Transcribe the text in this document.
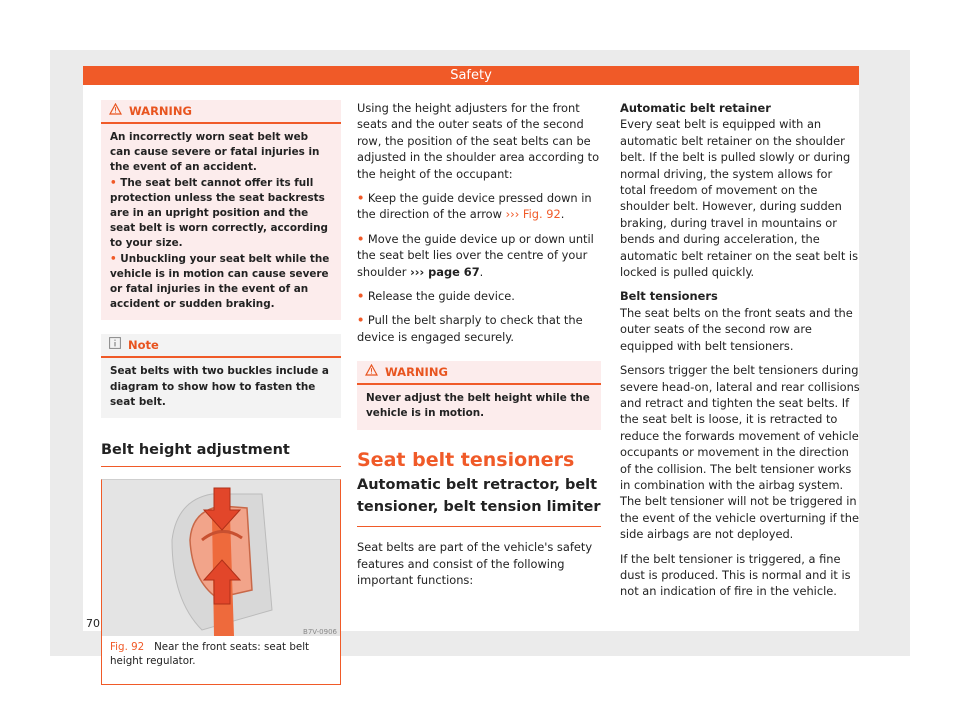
Safety
WARNING

An incorrectly worn seat belt web can cause severe or fatal injuries in the event of an accident.

• The seat belt cannot offer its full protection unless the seat backrests are in an upright position and the seat belt is worn correctly, according to your size.

• Unbuckling your seat belt while the vehicle is in motion can cause severe or fatal injuries in the event of an accident or sudden braking.

Note

Seat belts with two buckles include a diagram to show how to fasten the seat belt.

Belt height adjustment
B7V-0906
Fig. 92 Near the front seats: seat belt height regulator.

Using the height adjusters for the front seats and the outer seats of the second row, the position of the seat belts can be adjusted in the shoulder area according to the height of the occupant:

• Keep the guide device pressed down in the direction of the arrow ››› Fig. 92.

• Move the guide device up or down until the seat belt lies over the centre of your shoulder ››› page 67.

• Release the guide device.

• Pull the belt sharply to check that the device is engaged securely.

WARNING

Never adjust the belt height while the vehicle is in motion.

Seat belt tensioners
Automatic belt retractor, belt tensioner, belt tension limiter

Seat belts are part of the vehicle's safety features and consist of the following important functions:

Automatic belt retainer

Every seat belt is equipped with an automatic belt retainer on the shoulder belt. If the belt is pulled slowly or during normal driving, the system allows for total freedom of movement on the shoulder belt. However, during sudden braking, during travel in mountains or bends and during acceleration, the automatic belt retainer on the seat belt is locked is pulled quickly.

Belt tensioners

The seat belts on the front seats and the outer seats of the second row are equipped with belt tensioners.

Sensors trigger the belt tensioners during severe head-on, lateral and rear collisions and retract and tighten the seat belts. If the seat belt is loose, it is retracted to reduce the forwards movement of vehicle occupants or movement in the direction of the collision. The belt tensioner works in combination with the airbag system. The belt tensioner will not be triggered in the event of the vehicle overturning if the side airbags are not deployed.

If the belt tensioner is triggered, a fine dust is produced. This is normal and it is not an indication of fire in the vehicle.

70
